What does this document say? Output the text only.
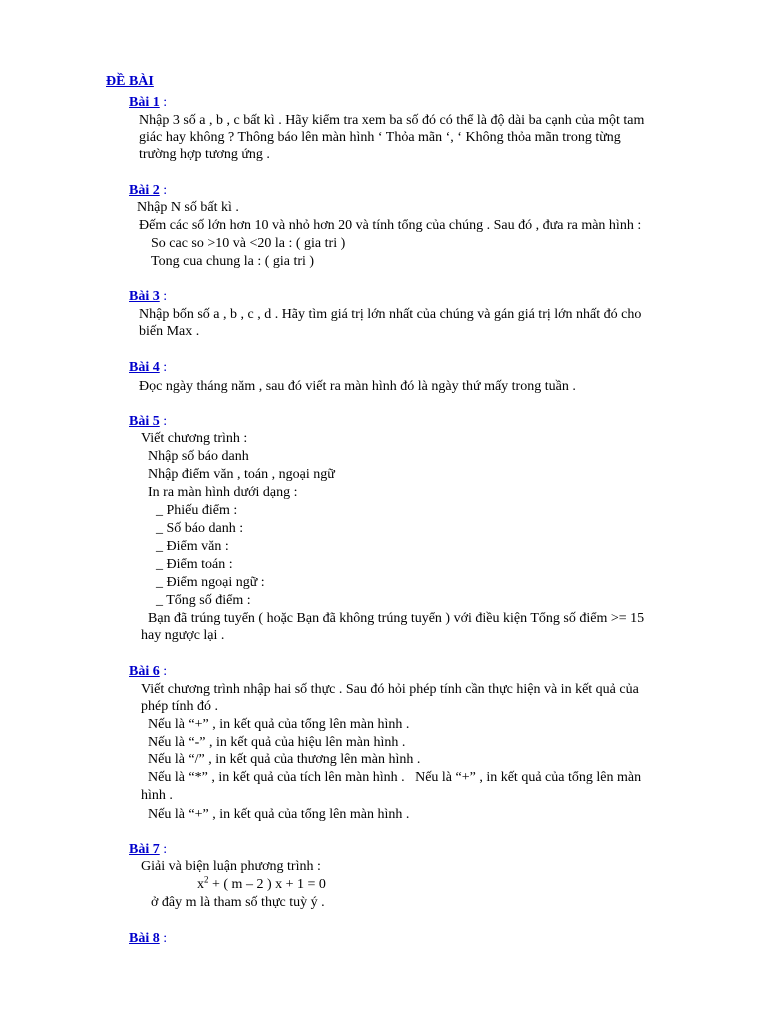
ĐỀ BÀI
Bài 1 :
Nhập 3 số a , b , c bất kì . Hãy kiểm tra xem ba số đó có thể là độ dài ba cạnh của một tam
giác hay không ? Thông báo lên màn hình ‘ Thỏa mãn ‘, ‘ Không thỏa mãn trong từng
trường hợp tương ứng .
Bài 2 :
Nhập N số bất kì .
Đếm các số lớn hơn 10 và nhỏ hơn 20 và tính tổng của chúng . Sau đó , đưa ra màn hình :
So cac so >10 và <20 la : ( gia tri )
Tong cua chung la : ( gia tri )
Bài 3 :
Nhập bốn số a , b , c , d . Hãy tìm giá trị lớn nhất của chúng và gán giá trị lớn nhất đó cho
biến Max .
Bài 4 :
Đọc ngày tháng năm , sau đó viết ra màn hình đó là ngày thứ mấy trong tuần .
Bài 5 :
Viết chương trình :
Nhập số báo danh
Nhập điểm văn , toán , ngoại ngữ
In ra màn hình dưới dạng :
_ Phiếu điểm :
_ Số báo danh :
_ Điểm văn :
_ Điểm toán :
_ Điểm ngoại ngữ :
_ Tổng số điểm :
Bạn đã trúng tuyển ( hoặc Bạn đã không trúng tuyển ) với điều kiện Tổng số điểm >= 15
hay ngược lại .
Bài 6 :
Viết chương trình nhập hai số thực . Sau đó hỏi phép tính cần thực hiện và in kết quả của
phép tính đó .
Nếu là “+” , in kết quả của tổng lên màn hình .
Nếu là “-” , in kết quả của hiệu lên màn hình .
Nếu là “/” , in kết quả của thương lên màn hình .
Nếu là “*” , in kết quả của tích lên màn hình .   Nếu là “+” , in kết quả của tổng lên màn
hình .
Nếu là “+” , in kết quả của tổng lên màn hình .
Bài 7 :
Giải và biện luận phương trình :
$x^2$ + ( m – 2 ) x + 1 = 0
ở đây m là tham số thực tuỳ ý .
Bài 8 :
